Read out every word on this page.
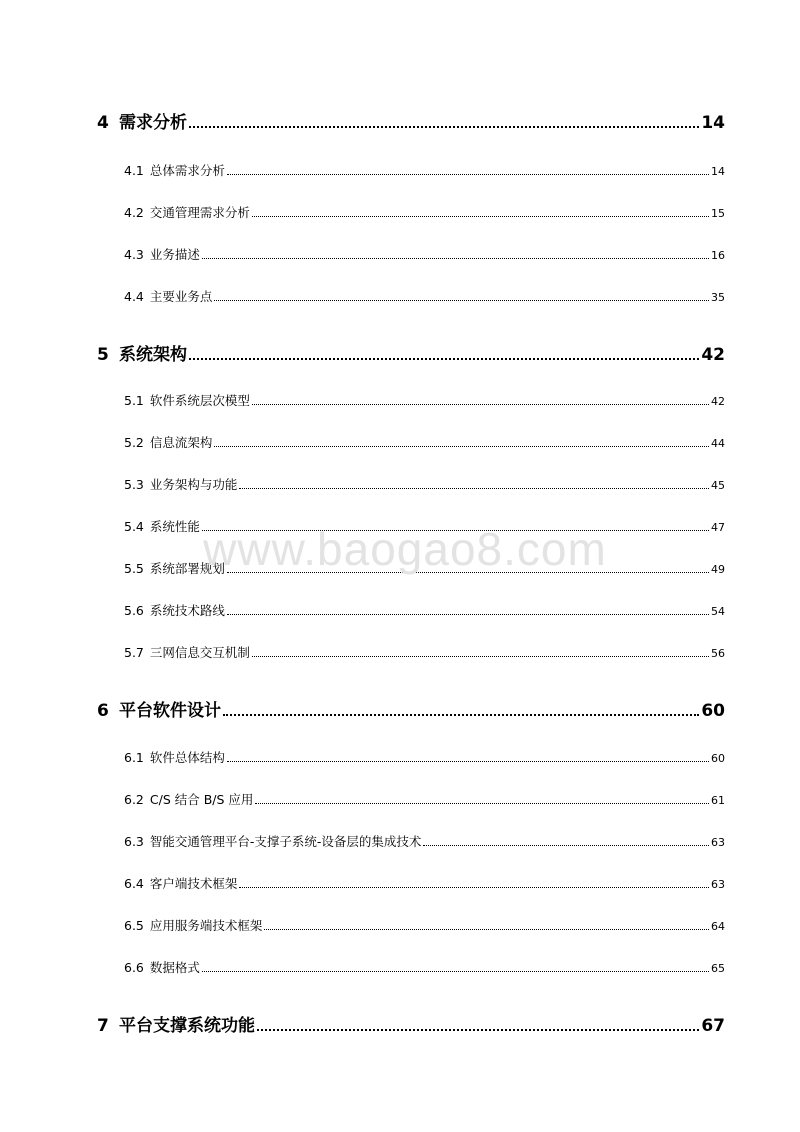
4 需求分析	14
4.1 总体需求分析	14
4.2 交通管理需求分析	15
4.3 业务描述	16
4.4 主要业务点	35
5 系统架构	42
5.1 软件系统层次模型	42
5.2 信息流架构	44
5.3 业务架构与功能	45
5.4 系统性能	47
5.5 系统部署规划	49
5.6 系统技术路线	54
5.7 三网信息交互机制	56
6 平台软件设计	60
6.1 软件总体结构	60
6.2 C/S 结合 B/S 应用	61
6.3 智能交通管理平台-支撑子系统-设备层的集成技术	63
6.4 客户端技术框架	63
6.5 应用服务端技术框架	64
6.6 数据格式	65
7 平台支撑系统功能	67
www.baogao8.com
